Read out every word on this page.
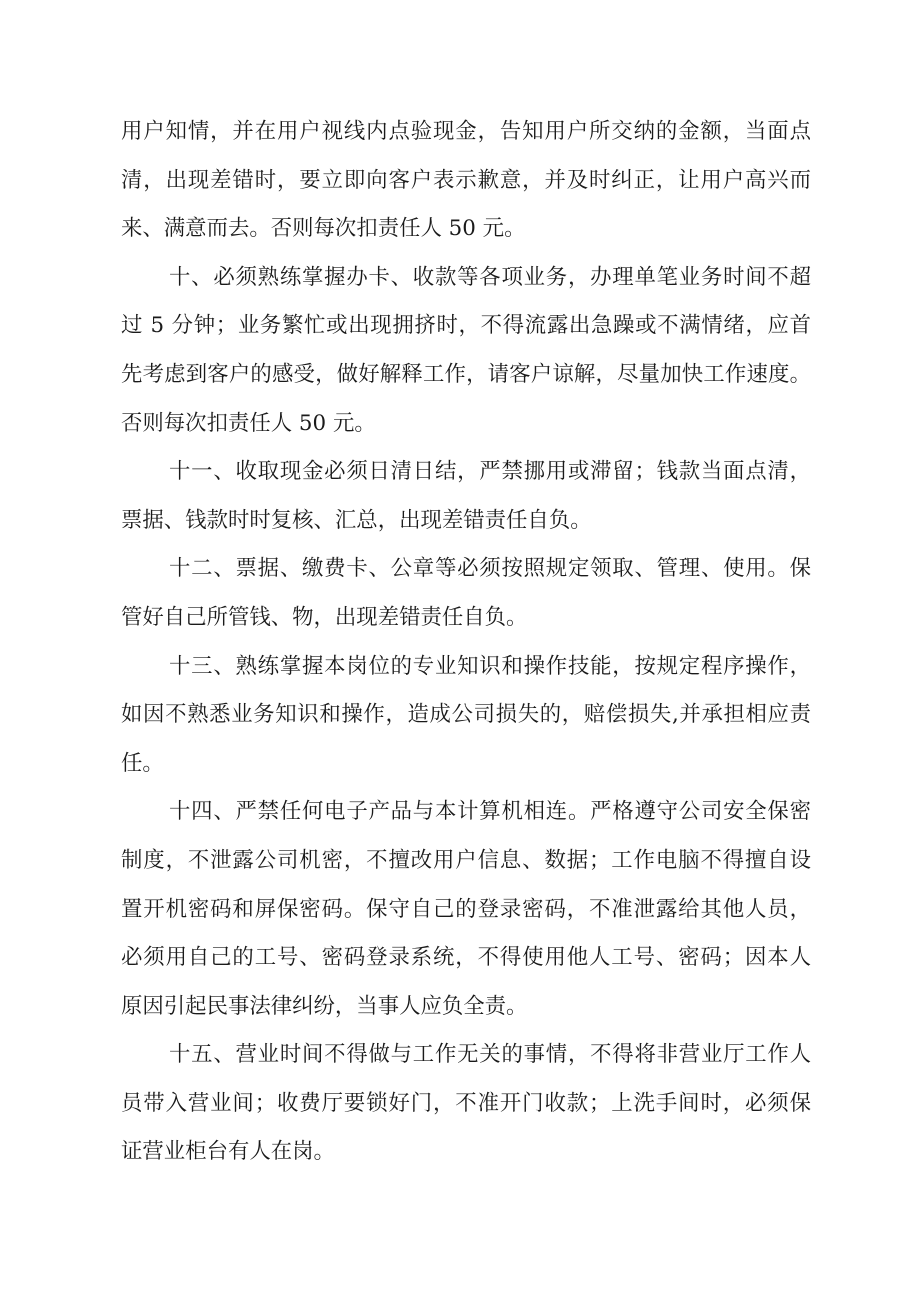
用户知情，并在用户视线内点验现金，告知用户所交纳的金额，当面点
清，出现差错时，要立即向客户表示歉意，并及时纠正，让用户高兴而
来、满意而去。否则每次扣责任人 50 元。
十、必须熟练掌握办卡、收款等各项业务，办理单笔业务时间不超
过 5 分钟；业务繁忙或出现拥挤时，不得流露出急躁或不满情绪，应首
先考虑到客户的感受，做好解释工作，请客户谅解，尽量加快工作速度。
否则每次扣责任人 50 元。
十一、收取现金必须日清日结，严禁挪用或滞留；钱款当面点清，
票据、钱款时时复核、汇总，出现差错责任自负。
十二、票据、缴费卡、公章等必须按照规定领取、管理、使用。保
管好自己所管钱、物，出现差错责任自负。
十三、熟练掌握本岗位的专业知识和操作技能，按规定程序操作，
如因不熟悉业务知识和操作，造成公司损失的，赔偿损失,并承担相应责
任。
十四、严禁任何电子产品与本计算机相连。严格遵守公司安全保密
制度，不泄露公司机密，不擅改用户信息、数据；工作电脑不得擅自设
置开机密码和屏保密码。保守自己的登录密码，不准泄露给其他人员，
必须用自己的工号、密码登录系统，不得使用他人工号、密码；因本人
原因引起民事法律纠纷，当事人应负全责。
十五、营业时间不得做与工作无关的事情，不得将非营业厅工作人
员带入营业间；收费厅要锁好门，不准开门收款；上洗手间时，必须保
证营业柜台有人在岗。
